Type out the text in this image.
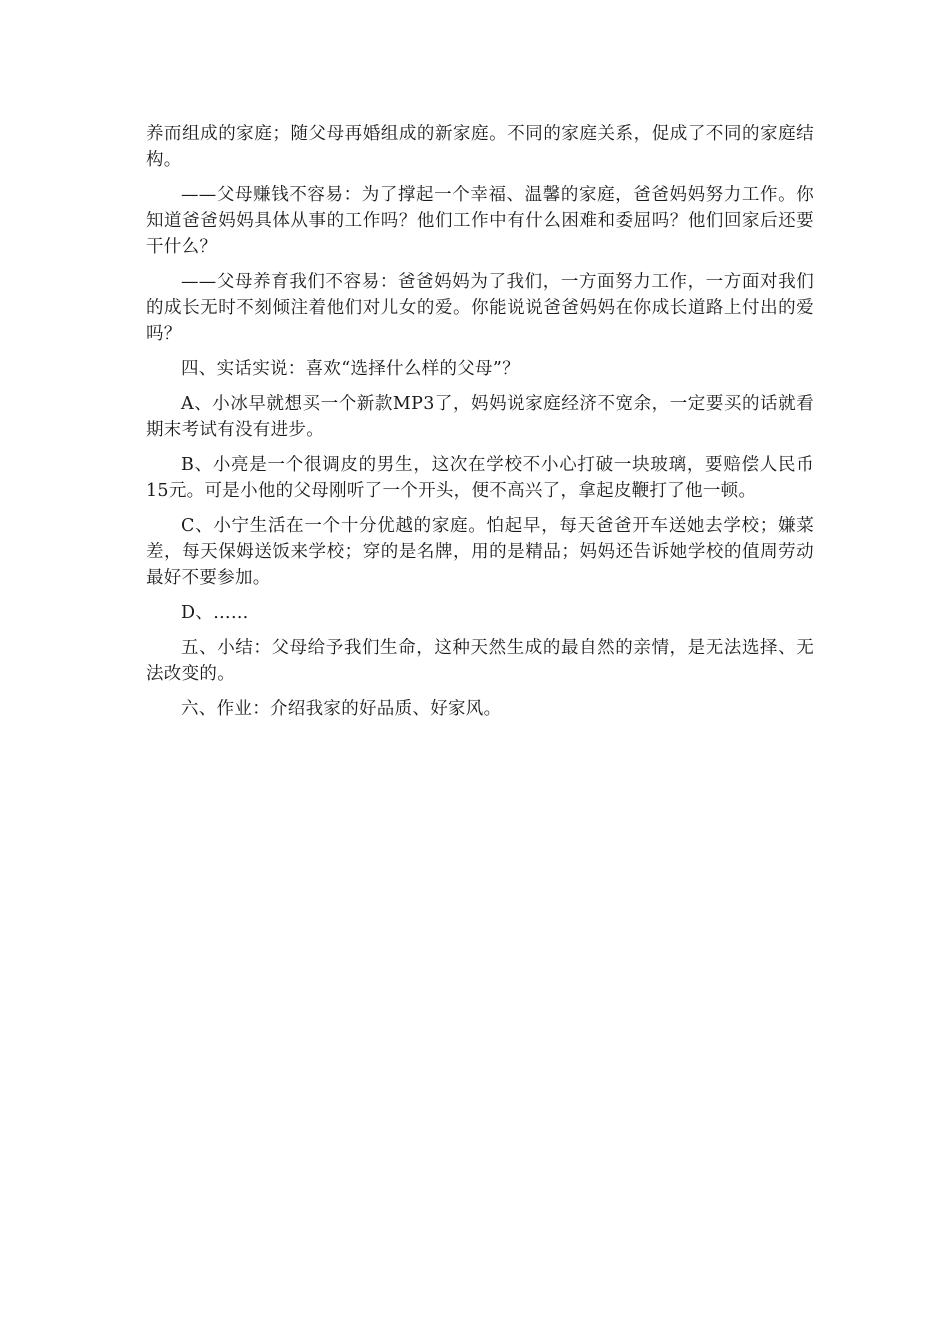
养而组成的家庭；随父母再婚组成的新家庭。不同的家庭关系，促成了不同的家庭结构。

——父母赚钱不容易：为了撑起一个幸福、温馨的家庭，爸爸妈妈努力工作。你知道爸爸妈妈具体从事的工作吗？他们工作中有什么困难和委屈吗？他们回家后还要干什么？

——父母养育我们不容易：爸爸妈妈为了我们，一方面努力工作，一方面对我们的成长无时不刻倾注着他们对儿女的爱。你能说说爸爸妈妈在你成长道路上付出的爱吗？

四、实话实说：喜欢“选择什么样的父母”？

A、小冰早就想买一个新款MP3了，妈妈说家庭经济不宽余，一定要买的话就看期末考试有没有进步。

B、小亮是一个很调皮的男生，这次在学校不小心打破一块玻璃，要赔偿人民币15元。可是小他的父母刚听了一个开头，便不高兴了，拿起皮鞭打了他一顿。

C、小宁生活在一个十分优越的家庭。怕起早，每天爸爸开车送她去学校；嫌菜差，每天保姆送饭来学校；穿的是名牌，用的是精品；妈妈还告诉她学校的值周劳动最好不要参加。

D、……

五、小结：父母给予我们生命，这种天然生成的最自然的亲情，是无法选择、无法改变的。

六、作业：介绍我家的好品质、好家风。
